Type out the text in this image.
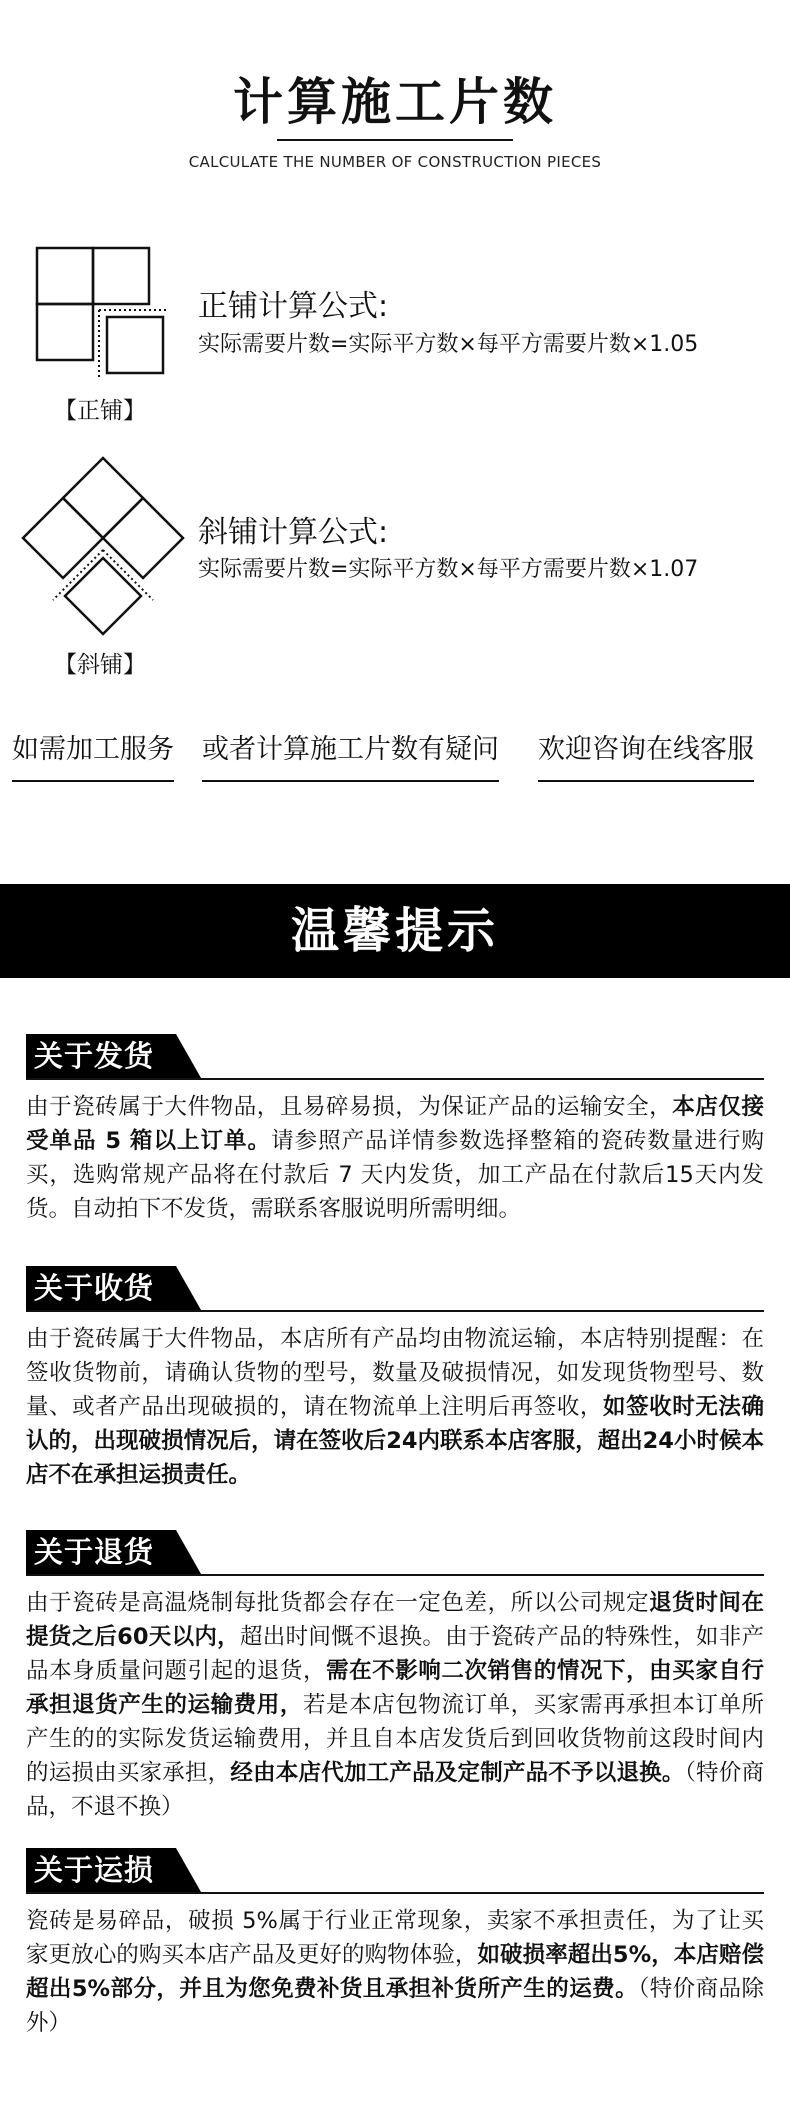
计算施工片数
CALCULATE THE NUMBER OF CONSTRUCTION PIECES
【正铺】
正铺计算公式:
实际需要片数=实际平方数×每平方需要片数×1.05
【斜铺】
斜铺计算公式:
实际需要片数=实际平方数×每平方需要片数×1.07
如需加工服务 或者计算施工片数有疑问 欢迎咨询在线客服
温馨提示
关于发货
由于瓷砖属于大件物品，且易碎易损，为保证产品的运输安全，本店仅接受单品 5 箱以上订单。请参照产品详情参数选择整箱的瓷砖数量进行购买，选购常规产品将在付款后 7 天内发货，加工产品在付款后15天内发货。自动拍下不发货，需联系客服说明所需明细。
关于收货
由于瓷砖属于大件物品，本店所有产品均由物流运输，本店特别提醒：在签收货物前，请确认货物的型号，数量及破损情况，如发现货物型号、数量、或者产品出现破损的，请在物流单上注明后再签收，如签收时无法确认的，出现破损情况后，请在签收后24内联系本店客服，超出24小时候本店不在承担运损责任。
关于退货
由于瓷砖是高温烧制每批货都会存在一定色差，所以公司规定退货时间在提货之后60天以内，超出时间慨不退换。由于瓷砖产品的特殊性，如非产品本身质量问题引起的退货，需在不影响二次销售的情况下，由买家自行承担退货产生的运输费用，若是本店包物流订单，买家需再承担本订单所产生的的实际发货运输费用，并且自本店发货后到回收货物前这段时间内的运损由买家承担，经由本店代加工产品及定制产品不予以退换。（特价商品，不退不换）
关于运损
瓷砖是易碎品，破损 5%属于行业正常现象，卖家不承担责任，为了让买家更放心的购买本店产品及更好的购物体验，如破损率超出5%，本店赔偿超出5%部分，并且为您免费补货且承担补货所产生的运费。（特价商品除外）
